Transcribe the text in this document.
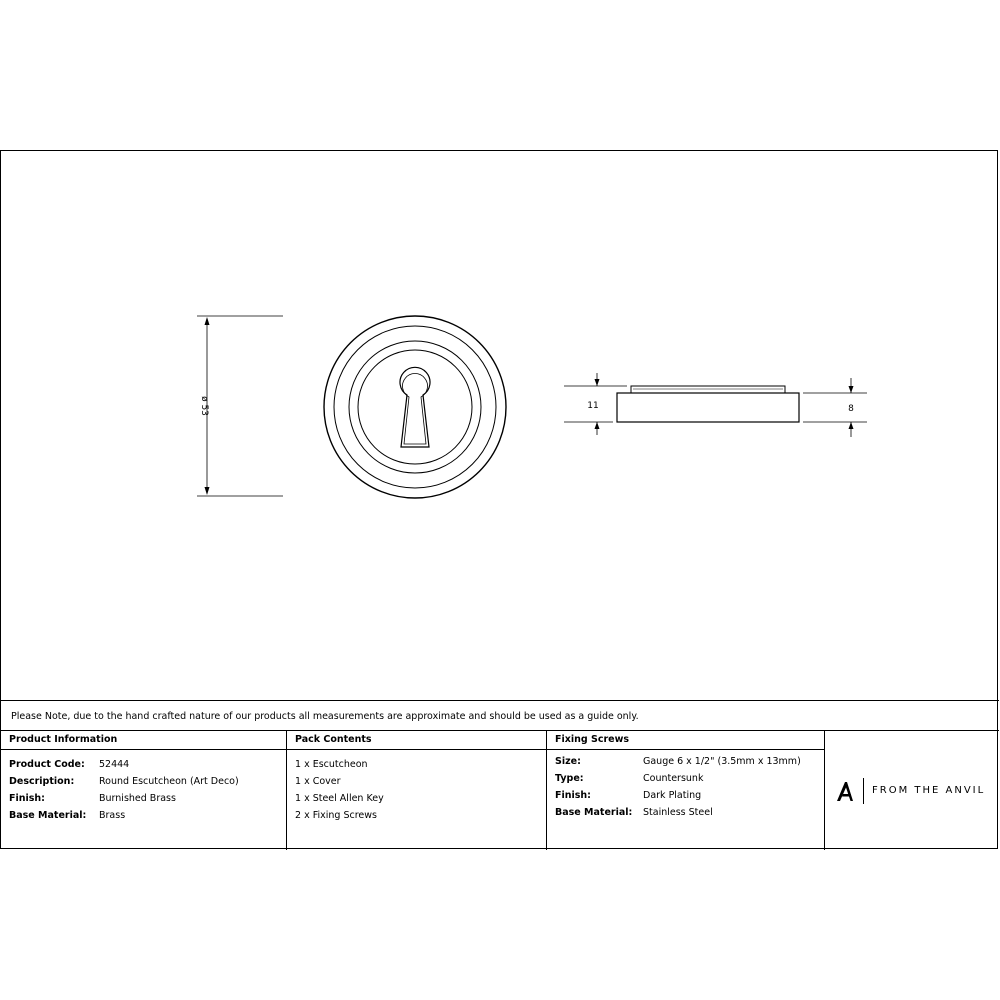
ø 53	11	8
Please Note, due to the hand crafted nature of our products all measurements are approximate and should be used as a guide only.
Product Information
Product Code: 52444
Description:	Round Escutcheon (Art Deco)
Finish:	Burnished Brass
Base Material: Brass
Pack Contents
1 x Escutcheon
1 x Cover
1 x Steel Allen Key
2 x Fixing Screws
Fixing Screws
Size:	Gauge 6 x 1/2" (3.5mm x 13mm)
Type:	Countersunk
Finish:	Dark Plating
Base Material: Stainless Steel
FROM THE ANVIL
